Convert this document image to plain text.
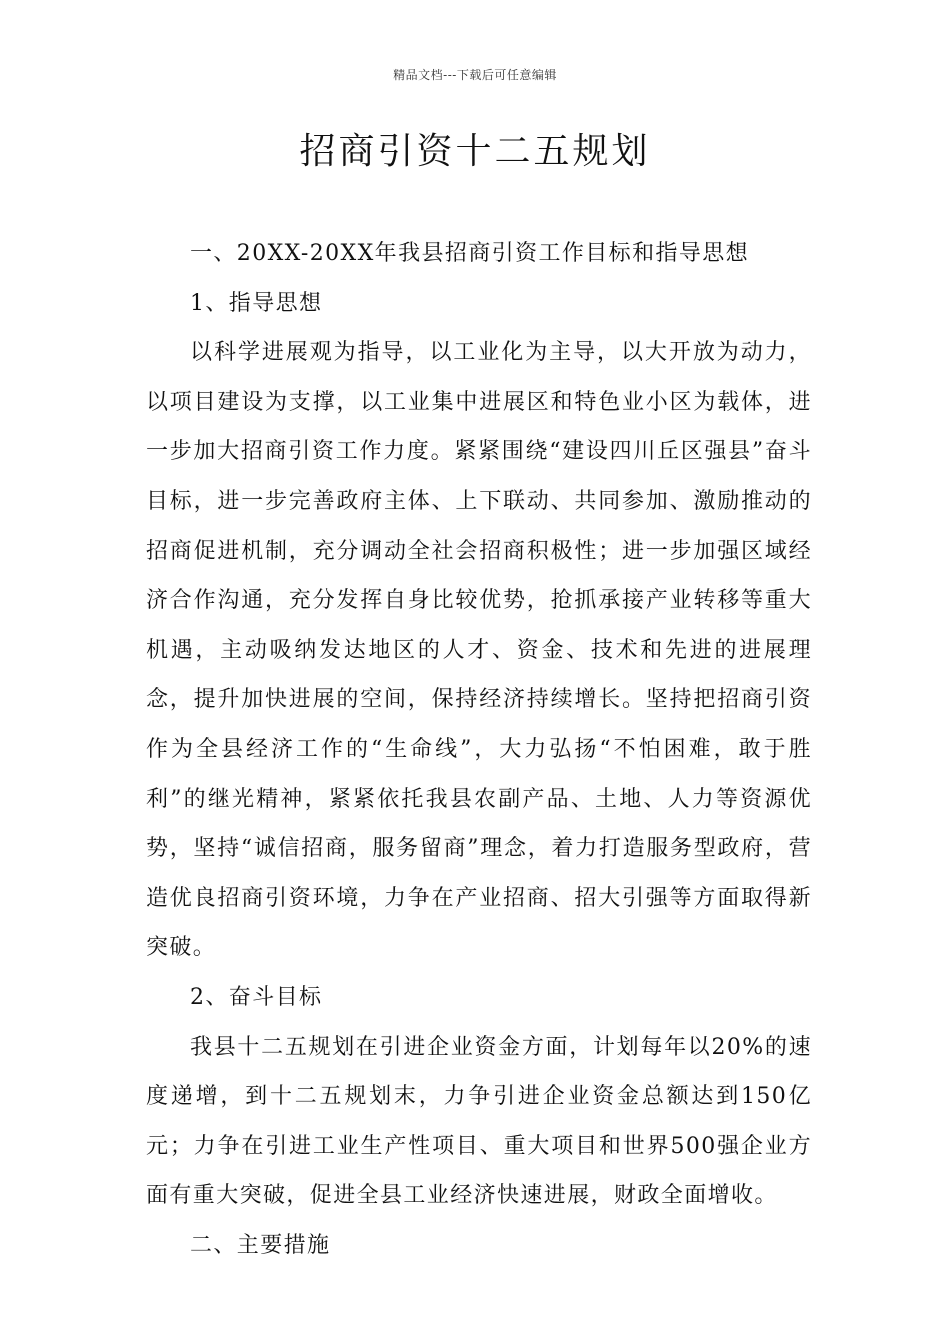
精品文档---下载后可任意编辑
招商引资十二五规划

一、20XX-20XX年我县招商引资工作目标和指导思想

1、指导思想

以科学进展观为指导，以工业化为主导，以大开放为动力，以项目建设为支撑，以工业集中进展区和特色业小区为载体，进一步加大招商引资工作力度。紧紧围绕“建设四川丘区强县”奋斗目标，进一步完善政府主体、上下联动、共同参加、激励推动的招商促进机制，充分调动全社会招商积极性；进一步加强区域经济合作沟通，充分发挥自身比较优势，抢抓承接产业转移等重大机遇，主动吸纳发达地区的人才、资金、技术和先进的进展理念，提升加快进展的空间，保持经济持续增长。坚持把招商引资作为全县经济工作的“生命线”，大力弘扬“不怕困难，敢于胜利”的继光精神，紧紧依托我县农副产品、土地、人力等资源优势，坚持“诚信招商，服务留商”理念，着力打造服务型政府，营造优良招商引资环境，力争在产业招商、招大引强等方面取得新突破。

2、奋斗目标

我县十二五规划在引进企业资金方面，计划每年以20%的速度递增，到十二五规划末，力争引进企业资金总额达到150亿元；力争在引进工业生产性项目、重大项目和世界500强企业方面有重大突破，促进全县工业经济快速进展，财政全面增收。

二、主要措施
